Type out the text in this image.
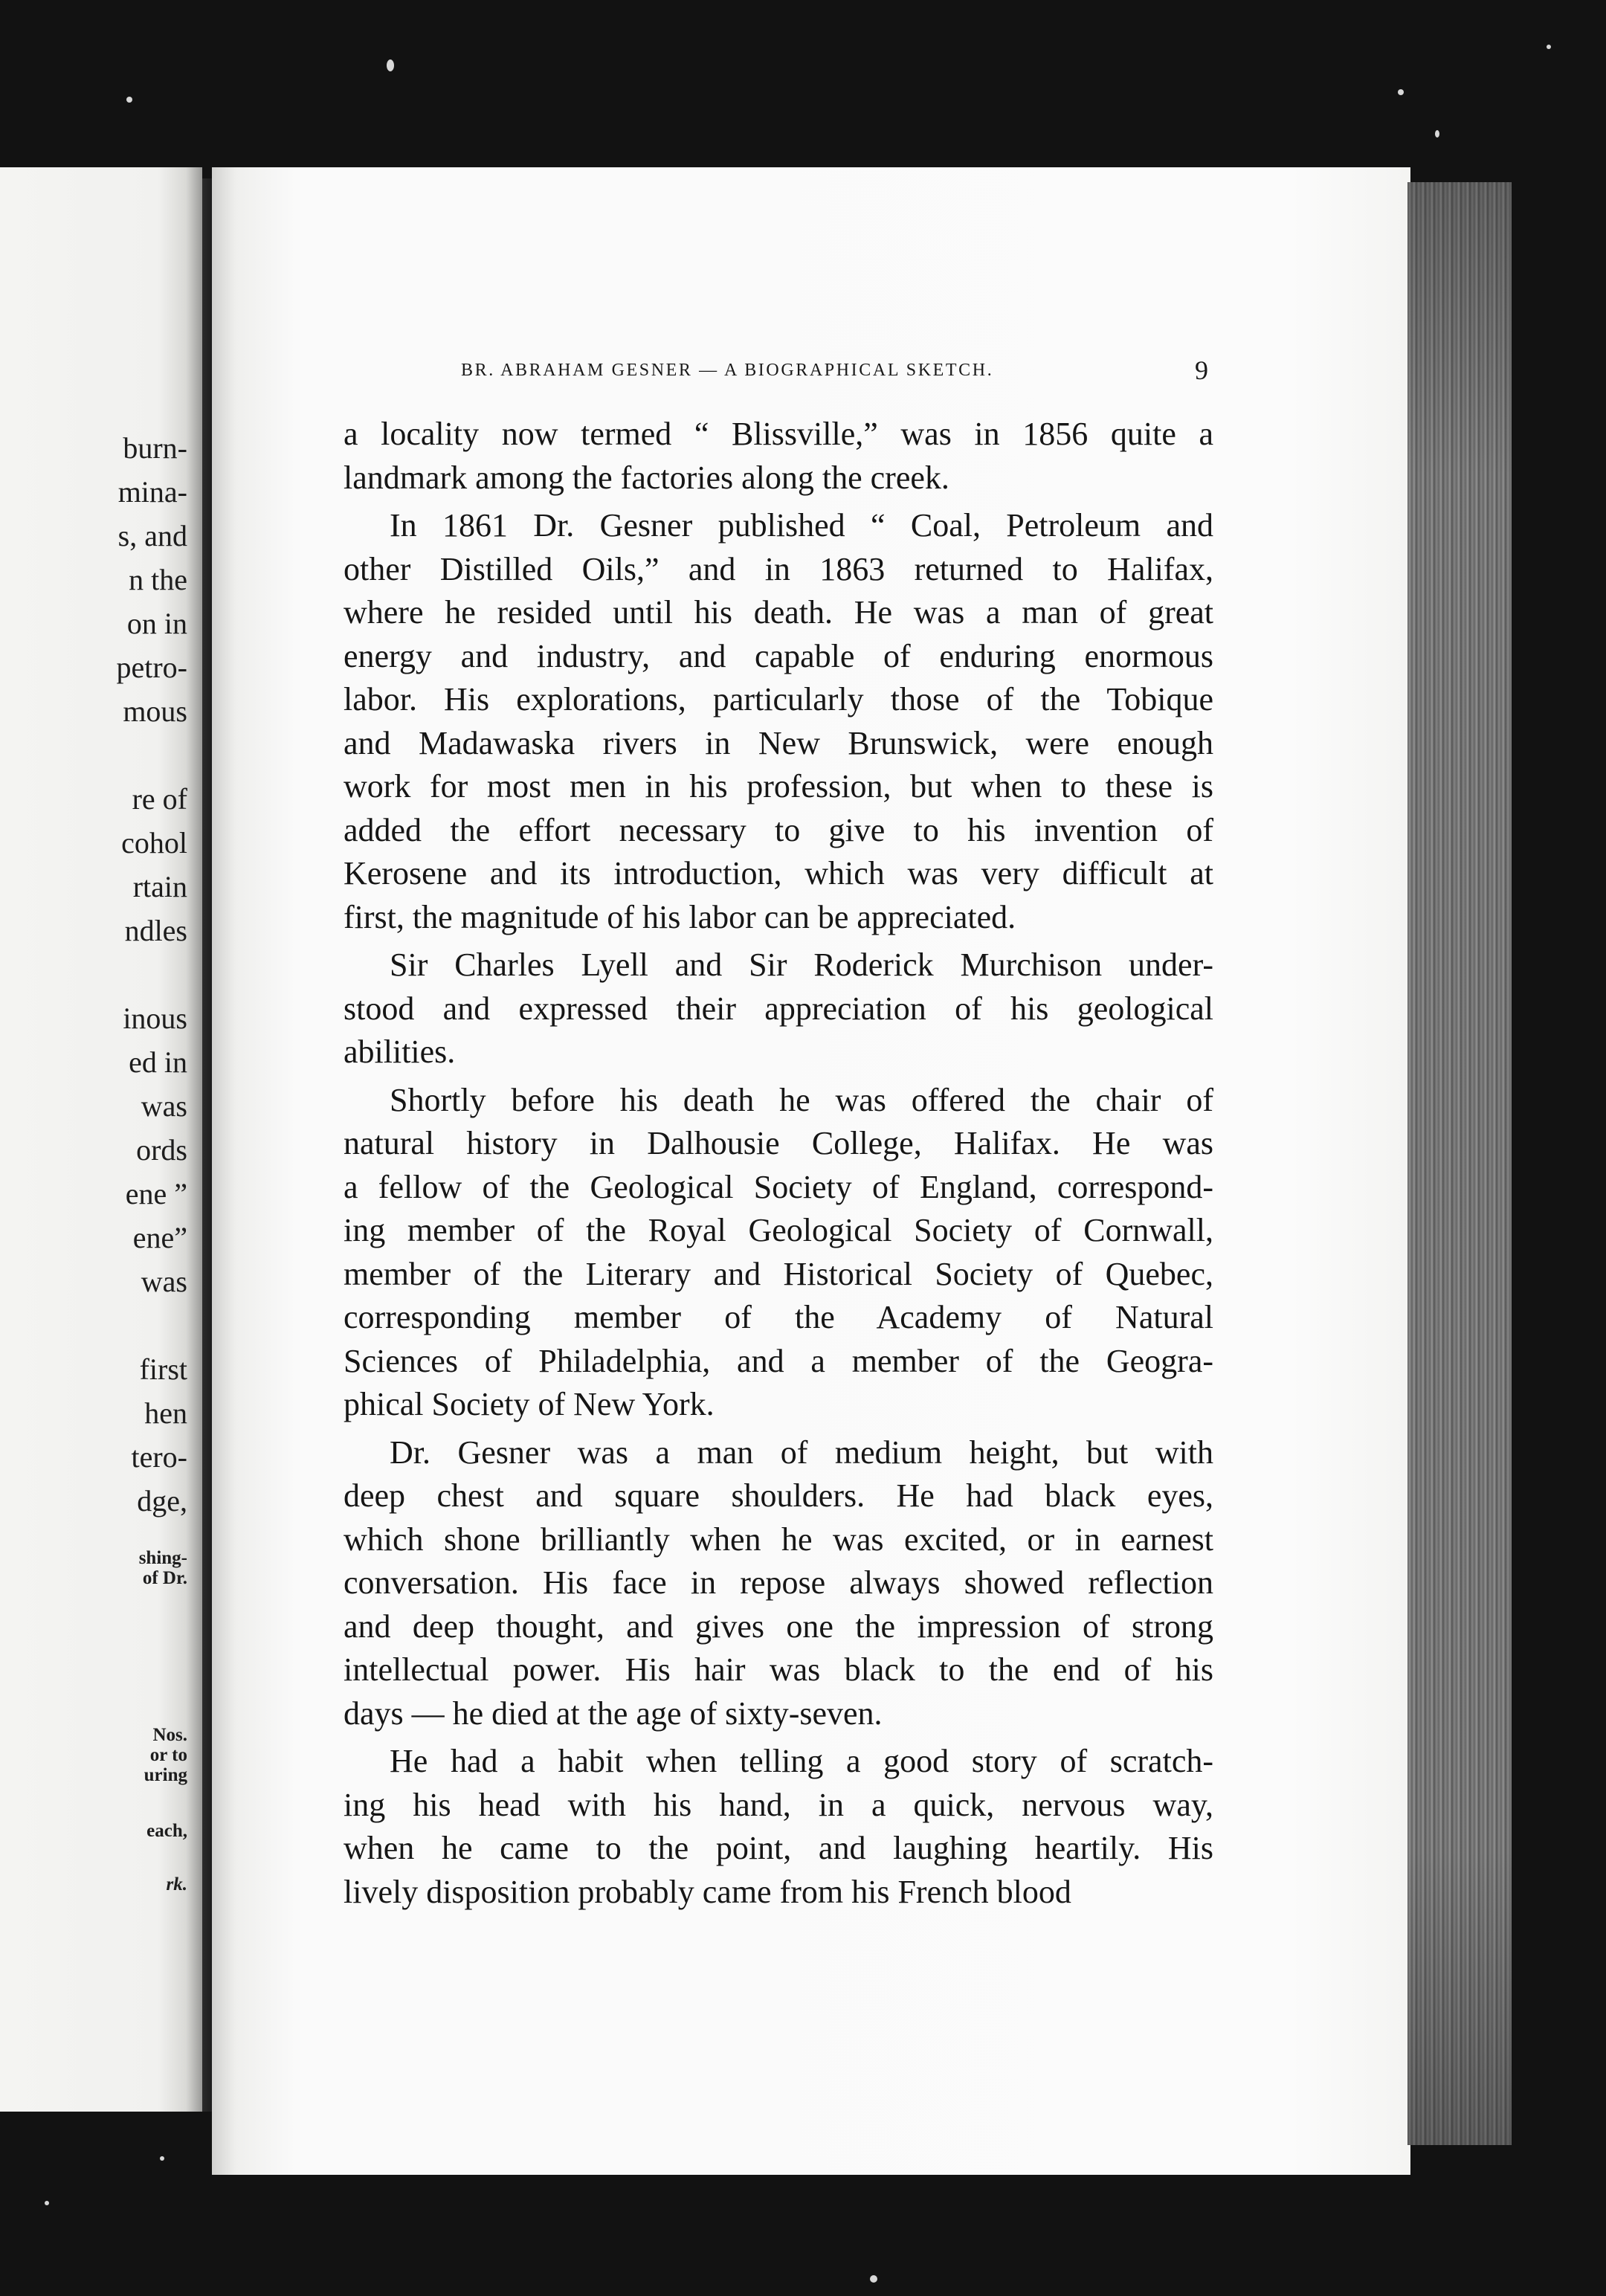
burn-
mina-
s, and
n the
on in
petro-
mous
re of
cohol
rtain
ndles
inous
ed in
was
ords
ene ”
ene”
was
first
hen
tero-
dge,
shing-
of Dr.
Nos.
or to
uring
each,
rk.
BR. ABRAHAM GESNER — A BIOGRAPHICAL SKETCH.	9
a locality now termed “ Blissville,” was in 1856 quite a
landmark among the factories along the creek.
In 1861 Dr. Gesner published “ Coal, Petroleum and
other Distilled Oils,” and in 1863 returned to Halifax,
where he resided until his death. He was a man of great
energy and industry, and capable of enduring enormous
labor. His explorations, particularly those of the Tobique
and Madawaska rivers in New Brunswick, were enough
work for most men in his profession, but when to these is
added the effort necessary to give to his invention of
Kerosene and its introduction, which was very difficult at
first, the magnitude of his labor can be appreciated.
Sir Charles Lyell and Sir Roderick Murchison under-
stood and expressed their appreciation of his geological
abilities.
Shortly before his death he was offered the chair of
natural history in Dalhousie College, Halifax. He was
a fellow of the Geological Society of England, correspond-
ing member of the Royal Geological Society of Cornwall,
member of the Literary and Historical Society of Quebec,
corresponding member of the Academy of Natural
Sciences of Philadelphia, and a member of the Geogra-
phical Society of New York.
Dr. Gesner was a man of medium height, but with
deep chest and square shoulders. He had black eyes,
which shone brilliantly when he was excited, or in earnest
conversation. His face in repose always showed reflection
and deep thought, and gives one the impression of strong
intellectual power. His hair was black to the end of his
days — he died at the age of sixty-seven.
He had a habit when telling a good story of scratch-
ing his head with his hand, in a quick, nervous way,
when he came to the point, and laughing heartily. His
lively disposition probably came from his French blood
